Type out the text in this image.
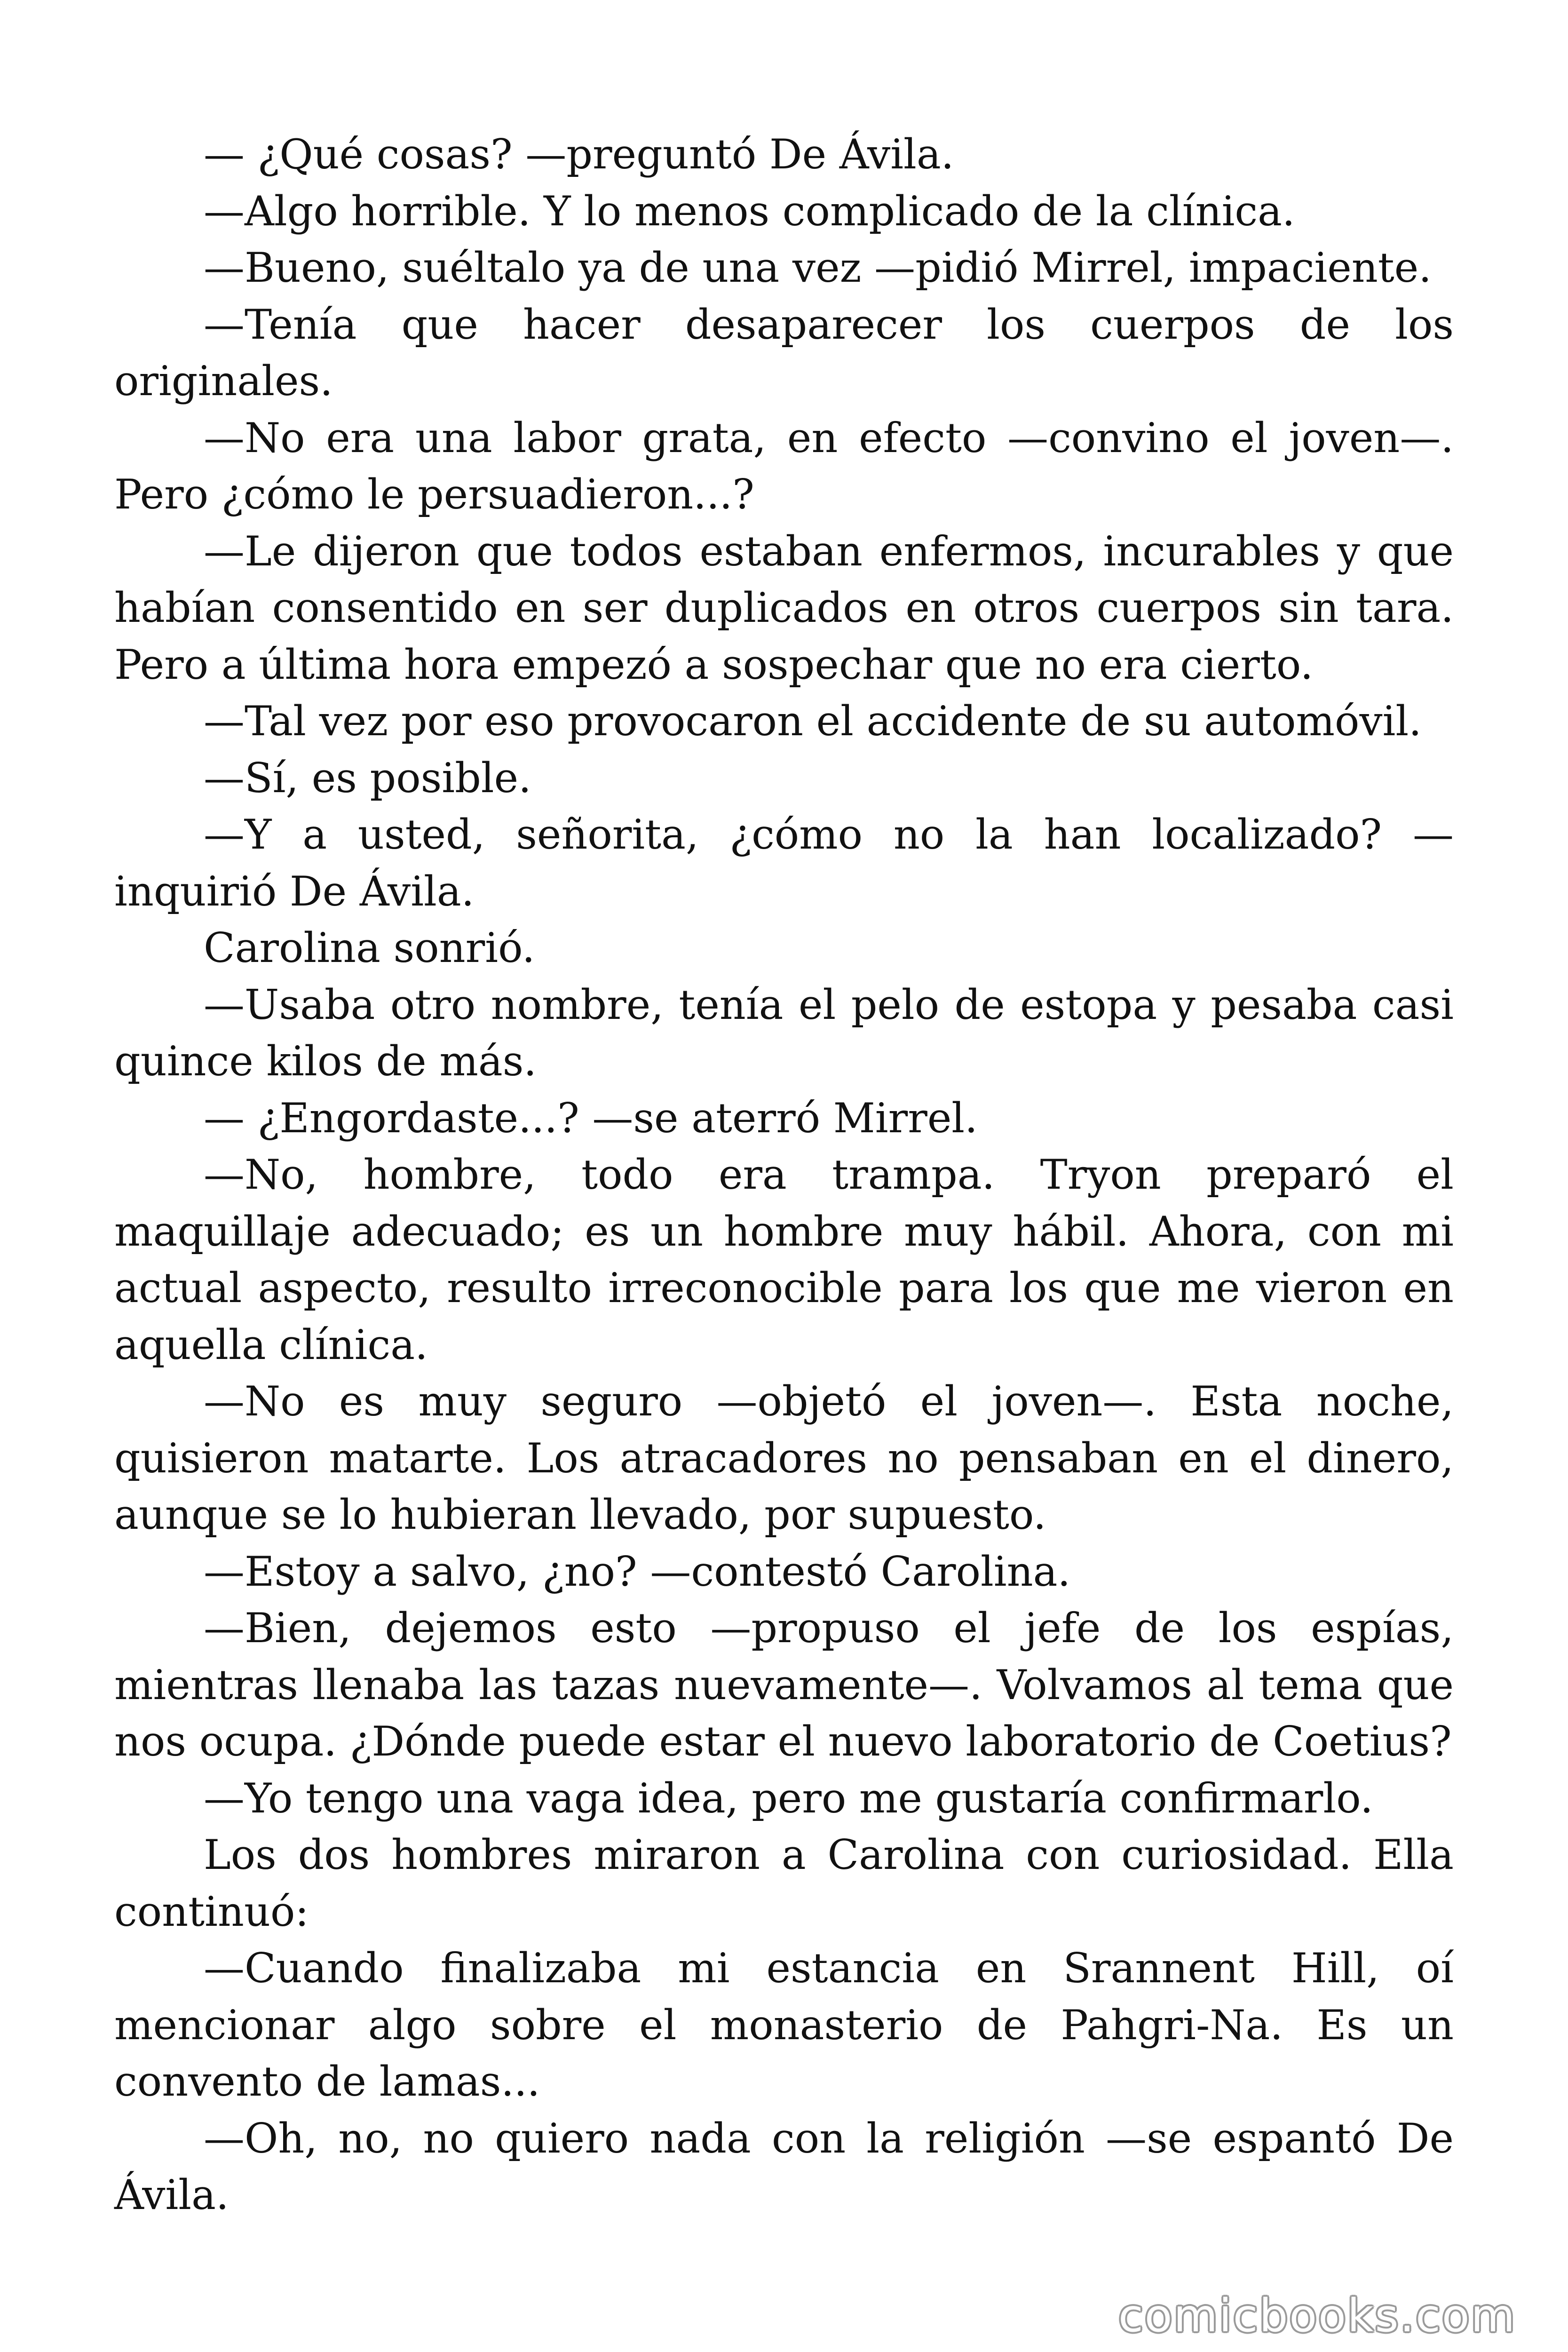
— ¿Qué cosas? —preguntó De Ávila.

—Algo horrible. Y lo menos complicado de la clínica.

—Bueno, suéltalo ya de una vez —pidió Mirrel, impaciente.

—Tenía que hacer desaparecer los cuerpos de los originales.

—No era una labor grata, en efecto —convino el joven—. Pero ¿cómo le persuadieron...?

—Le dijeron que todos estaban enfermos, incurables y que habían consentido en ser duplicados en otros cuerpos sin tara. Pero a última hora empezó a sospechar que no era cierto.

—Tal vez por eso provocaron el accidente de su automóvil.

—Sí, es posible.

—Y a usted, señorita, ¿cómo no la han localizado? —inquirió De Ávila.

Carolina sonrió.

—Usaba otro nombre, tenía el pelo de estopa y pesaba casi quince kilos de más.

— ¿Engordaste...? —se aterró Mirrel.

—No, hombre, todo era trampa. Tryon preparó el maquillaje adecuado; es un hombre muy hábil. Ahora, con mi actual aspecto, resulto irreconocible para los que me vieron en aquella clínica.

—No es muy seguro —objetó el joven—. Esta noche, quisieron matarte. Los atracadores no pensaban en el dinero, aunque se lo hubieran llevado, por supuesto.

—Estoy a salvo, ¿no? —contestó Carolina.

—Bien, dejemos esto —propuso el jefe de los espías, mientras llenaba las tazas nuevamente—. Volvamos al tema que nos ocupa. ¿Dónde puede estar el nuevo laboratorio de Coetius?

—Yo tengo una vaga idea, pero me gustaría confirmarlo.

Los dos hombres miraron a Carolina con curiosidad. Ella continuó:

—Cuando finalizaba mi estancia en Srannent Hill, oí mencionar algo sobre el monasterio de Pahgri-Na. Es un convento de lamas...

—Oh, no, no quiero nada con la religión —se espantó De Ávila.

comicbooks.com
